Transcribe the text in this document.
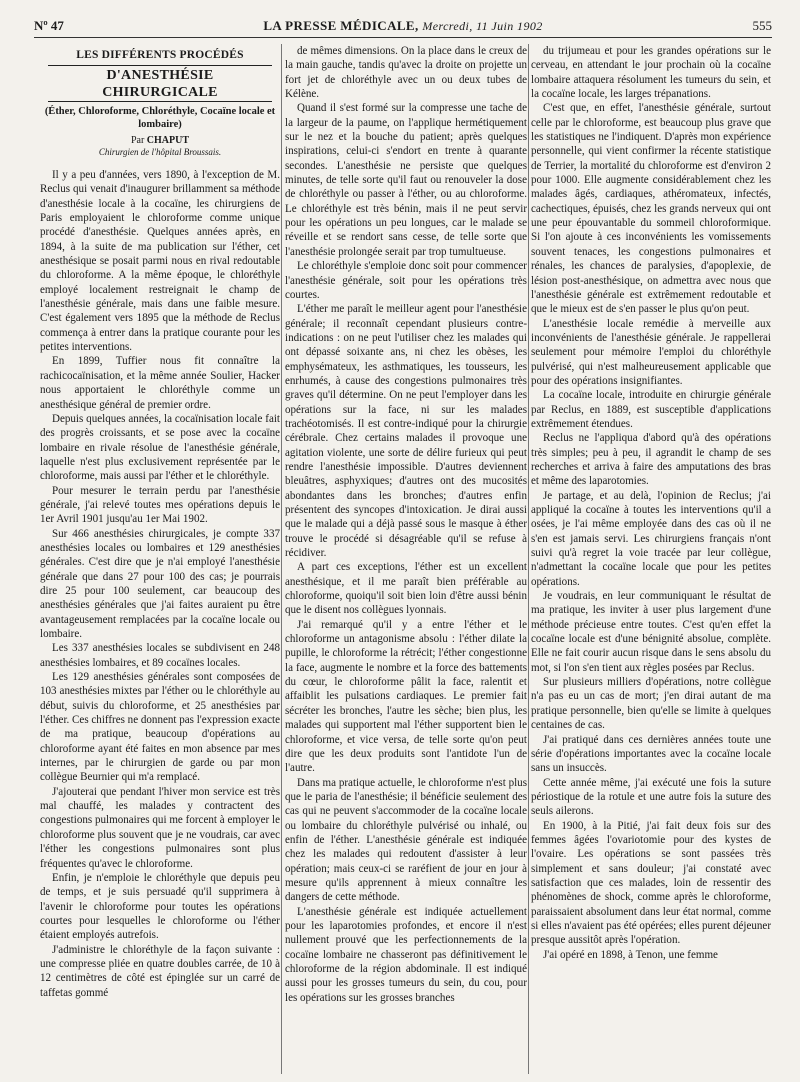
Nº 47	LA PRESSE MÉDICALE, Mercredi, 11 Juin 1902	555
LES DIFFÉRENTS PROCÉDÉS
D'ANESTHÉSIE CHIRURGICALE
(Éther, Chloroforme, Chloréthyle, Cocaïne locale et lombaire)
Par CHAPUT
Chirurgien de l'hôpital Broussais.

Il y a peu d'années, vers 1890, à l'exception de M. Reclus qui venait d'inaugurer brillamment sa méthode d'anesthésie locale à la cocaïne, les chirurgiens de Paris employaient le chloroforme comme unique procédé d'anesthésie. Quelques années après, en 1894, à la suite de ma publication sur l'éther, cet anesthésique se posait parmi nous en rival redoutable du chloroforme. A la même époque, le chloréthyle employé localement restreignait le champ de l'anesthésie générale, mais dans une faible mesure. C'est également vers 1895 que la méthode de Reclus commença à entrer dans la pratique courante pour les petites interventions.

En 1899, Tuffier nous fit connaître la rachicocaïnisation, et la même année Soulier, Hacker nous apportaient le chloréthyle comme un anesthésique général de premier ordre.

Depuis quelques années, la cocaïnisation locale fait des progrès croissants, et se pose avec la cocaïne lombaire en rivale résolue de l'anesthésie générale, laquelle n'est plus exclusivement représentée par le chloroforme, mais aussi par l'éther et le chloréthyle.

Pour mesurer le terrain perdu par l'anesthésie générale, j'ai relevé toutes mes opérations depuis le 1er Avril 1901 jusqu'au 1er Mai 1902.

Sur 466 anesthésies chirurgicales, je compte 337 anesthésies locales ou lombaires et 129 anesthésies générales. C'est dire que je n'ai employé l'anesthésie générale que dans 27 pour 100 des cas; je pourrais dire 25 pour 100 seulement, car beaucoup des anesthésies générales que j'ai faites auraient pu être avantageusement remplacées par la cocaïne locale ou lombaire.

Les 337 anesthésies locales se subdivisent en 248 anesthésies lombaires, et 89 cocaïnes locales.

Les 129 anesthésies générales sont composées de 103 anesthésies mixtes par l'éther ou le chloréthyle au début, suivis du chloroforme, et 25 anesthésies par l'éther. Ces chiffres ne donnent pas l'expression exacte de ma pratique, beaucoup d'opérations au chloroforme ayant été faites en mon absence par mes internes, par le chirurgien de garde ou par mon collègue Beurnier qui m'a remplacé.

J'ajouterai que pendant l'hiver mon service est très mal chauffé, les malades y contractent des congestions pulmonaires qui me forcent à employer le chloroforme plus souvent que je ne voudrais, car avec l'éther les congestions pulmonaires sont plus fréquentes qu'avec le chloroforme.

Enfin, je n'emploie le chloréthyle que depuis peu de temps, et je suis persuadé qu'il supprimera à l'avenir le chloroforme pour toutes les opérations courtes pour lesquelles le chloroforme ou l'éther étaient employés autrefois.

J'administre le chloréthyle de la façon suivante : une compresse pliée en quatre doubles carrée, de 10 à 12 centimètres de côté est épinglée sur un carré de taffetas gommé

de mêmes dimensions. On la place dans le creux de la main gauche, tandis qu'avec la droite on projette un fort jet de chloréthyle avec un ou deux tubes de Kélène.

Quand il s'est formé sur la compresse une tache de la largeur de la paume, on l'applique hermétiquement sur le nez et la bouche du patient; après quelques inspirations, celui-ci s'endort en trente à quarante secondes. L'anesthésie ne persiste que quelques minutes, de telle sorte qu'il faut ou renouveler la dose de chloréthyle ou passer à l'éther, ou au chloroforme. Le chloréthyle est très bénin, mais il ne peut servir pour les opérations un peu longues, car le malade se réveille et se rendort sans cesse, de telle sorte que l'anesthésie prolongée serait par trop tumultueuse.

Le chloréthyle s'emploie donc soit pour commencer l'anesthésie générale, soit pour les opérations très courtes.

L'éther me paraît le meilleur agent pour l'anesthésie générale; il reconnaît cependant plusieurs contre-indications : on ne peut l'utiliser chez les malades qui ont dépassé soixante ans, ni chez les obèses, les emphysémateux, les asthmatiques, les tousseurs, les enrhumés, à cause des congestions pulmonaires très graves qu'il détermine. On ne peut l'employer dans les opérations sur la face, ni sur les malades trachéotomisés. Il est contre-indiqué pour la chirurgie cérébrale. Chez certains malades il provoque une agitation violente, une sorte de délire furieux qui peut rendre l'anesthésie impossible. D'autres deviennent bleuâtres, asphyxiques; d'autres ont des mucosités abondantes dans les bronches; d'autres enfin présentent des syncopes d'intoxication. Je dirai aussi que le malade qui a déjà passé sous le masque à éther trouve le procédé si désagréable qu'il se refuse à récidiver.

A part ces exceptions, l'éther est un excellent anesthésique, et il me paraît bien préférable au chloroforme, quoiqu'il soit bien loin d'être aussi bénin que le disent nos collègues lyonnais.

J'ai remarqué qu'il y a entre l'éther et le chloroforme un antagonisme absolu : l'éther dilate la pupille, le chloroforme la rétrécit; l'éther congestionne la face, augmente le nombre et la force des battements du cœur, le chloroforme pâlit la face, ralentit et affaiblit les pulsations cardiaques. Le premier fait sécréter les bronches, l'autre les sèche; bien plus, les malades qui supportent mal l'éther supportent bien le chloroforme, et vice versa, de telle sorte qu'on peut dire que les deux produits sont l'antidote l'un de l'autre.

Dans ma pratique actuelle, le chloroforme n'est plus que le paria de l'anesthésie; il bénéficie seulement des cas qui ne peuvent s'accommoder de la cocaïne locale ou lombaire du chloréthyle pulvérisé ou inhalé, ou enfin de l'éther. L'anesthésie générale est indiquée chez les malades qui redoutent d'assister à leur opération; mais ceux-ci se raréfient de jour en jour à mesure qu'ils apprennent à mieux connaître les dangers de cette méthode.

L'anesthésie générale est indiquée actuellement pour les laparotomies profondes, et encore il n'est nullement prouvé que les perfectionnements de la cocaïne lombaire ne chasseront pas définitivement le chloroforme de la région abdominale. Il est indiqué aussi pour les grosses tumeurs du sein, du cou, pour les opérations sur les grosses branches

du trijumeau et pour les grandes opérations sur le cerveau, en attendant le jour prochain où la cocaïne lombaire attaquera résolument les tumeurs du sein, et la cocaïne locale, les larges trépanations.

C'est que, en effet, l'anesthésie générale, surtout celle par le chloroforme, est beaucoup plus grave que les statistiques ne l'indiquent. D'après mon expérience personnelle, qui vient confirmer la récente statistique de Terrier, la mortalité du chloroforme est d'environ 2 pour 1000. Elle augmente considérablement chez les malades âgés, cardiaques, athéromateux, infectés, cachectiques, épuisés, chez les grands nerveux qui ont une peur épouvantable du sommeil chloroformique. Si l'on ajoute à ces inconvénients les vomissements souvent tenaces, les congestions pulmonaires et rénales, les chances de paralysies, d'apoplexie, de lésion post-anesthésique, on admettra avec nous que l'anesthésie générale est extrêmement redoutable et que le mieux est de s'en passer le plus qu'on peut.

L'anesthésie locale remédie à merveille aux inconvénients de l'anesthésie générale. Je rappellerai seulement pour mémoire l'emploi du chloréthyle pulvérisé, qui n'est malheureusement applicable que pour des opérations insignifiantes.

La cocaïne locale, introduite en chirurgie générale par Reclus, en 1889, est susceptible d'applications extrêmement étendues.

Reclus ne l'appliqua d'abord qu'à des opérations très simples; peu à peu, il agrandit le champ de ses recherches et arriva à faire des amputations des bras et même des laparotomies.

Je partage, et au delà, l'opinion de Reclus; j'ai appliqué la cocaïne à toutes les interventions qu'il a osées, je l'ai même employée dans des cas où il ne s'en est jamais servi. Les chirurgiens français n'ont suivi qu'à regret la voie tracée par leur collègue, n'admettant la cocaïne locale que pour les petites opérations.

Je voudrais, en leur communiquant le résultat de ma pratique, les inviter à user plus largement d'une méthode précieuse entre toutes. C'est qu'en effet la cocaïne locale est d'une bénignité absolue, complète. Elle ne fait courir aucun risque dans le sens absolu du mot, si l'on s'en tient aux règles posées par Reclus.

Sur plusieurs milliers d'opérations, notre collègue n'a pas eu un cas de mort; j'en dirai autant de ma pratique personnelle, bien qu'elle se limite à quelques centaines de cas.

J'ai pratiqué dans ces dernières années toute une série d'opérations importantes avec la cocaïne locale sans un insuccès.

Cette année même, j'ai exécuté une fois la suture périostique de la rotule et une autre fois la suture des seuls ailerons.

En 1900, à la Pitié, j'ai fait deux fois sur des femmes âgées l'ovariotomie pour des kystes de l'ovaire. Les opérations se sont passées très simplement et sans douleur; j'ai constaté avec satisfaction que ces malades, loin de ressentir des phénomènes de shock, comme après le chloroforme, paraissaient absolument dans leur état normal, comme si elles n'avaient pas été opérées; elles purent déjeuner presque aussitôt après l'opération.

J'ai opéré en 1898, à Tenon, une femme
